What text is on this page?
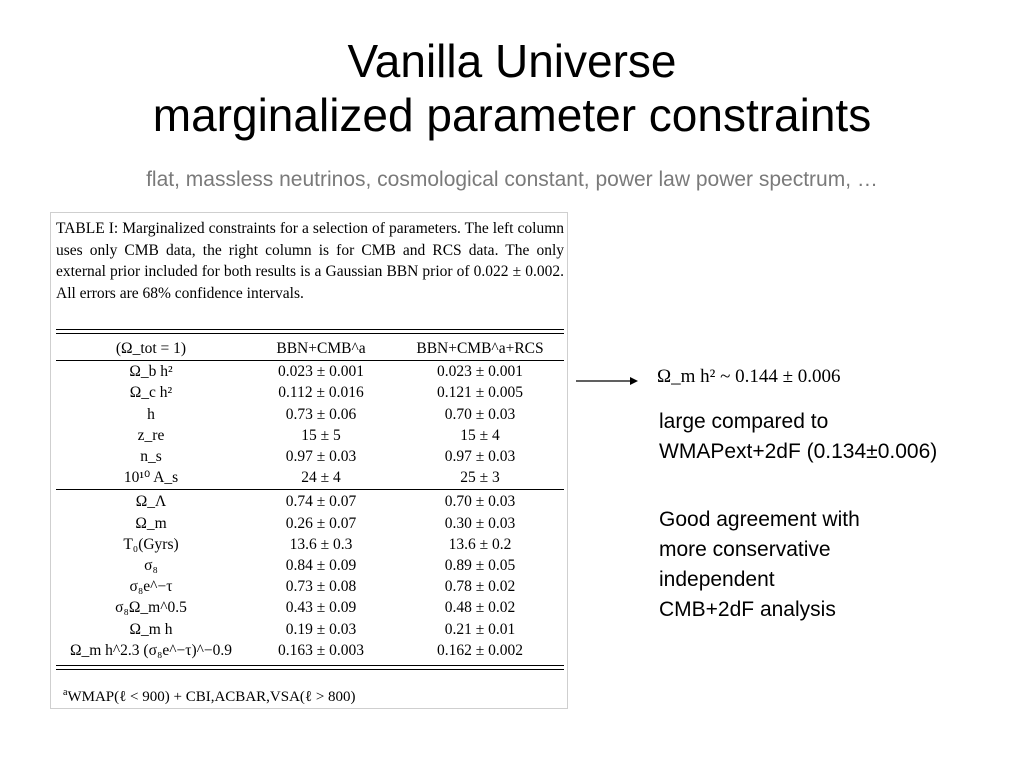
Vanilla Universe
marginalized parameter constraints
flat, massless neutrinos, cosmological constant, power law power spectrum, …
TABLE I: Marginalized constraints for a selection of parameters. The left column uses only CMB data, the right column is for CMB and RCS data. The only external prior included for both results is a Gaussian BBN prior of 0.022 ± 0.002. All errors are 68% confidence intervals.
(Ω_tot = 1)	BBN+CMB^a	BBN+CMB^a+RCS
Ω_b h²	0.023 ± 0.001	0.023 ± 0.001
Ω_c h²	0.112 ± 0.016	0.121 ± 0.005
h	0.73 ± 0.06	0.70 ± 0.03
z_re	15 ± 5	15 ± 4
n_s	0.97 ± 0.03	0.97 ± 0.03
10¹⁰ A_s	24 ± 4	25 ± 3
Ω_Λ	0.74 ± 0.07	0.70 ± 0.03
Ω_m	0.26 ± 0.07	0.30 ± 0.03
T₀(Gyrs)	13.6 ± 0.3	13.6 ± 0.2
σ₈	0.84 ± 0.09	0.89 ± 0.05
σ₈e^−τ	0.73 ± 0.08	0.78 ± 0.02
σ₈Ω_m^0.5	0.43 ± 0.09	0.48 ± 0.02
Ω_m h	0.19 ± 0.03	0.21 ± 0.01
Ω_m h^2.3 (σ₈e^−τ)^−0.9	0.163 ± 0.003	0.162 ± 0.002
$^a$WMAP(ℓ < 900) + CBI,ACBAR,VSA(ℓ > 800)
Ω_m h² ~ 0.144 ± 0.006
large compared to
WMAPext+2dF (0.134±0.006)
Good agreement with
more conservative
independent
CMB+2dF analysis
